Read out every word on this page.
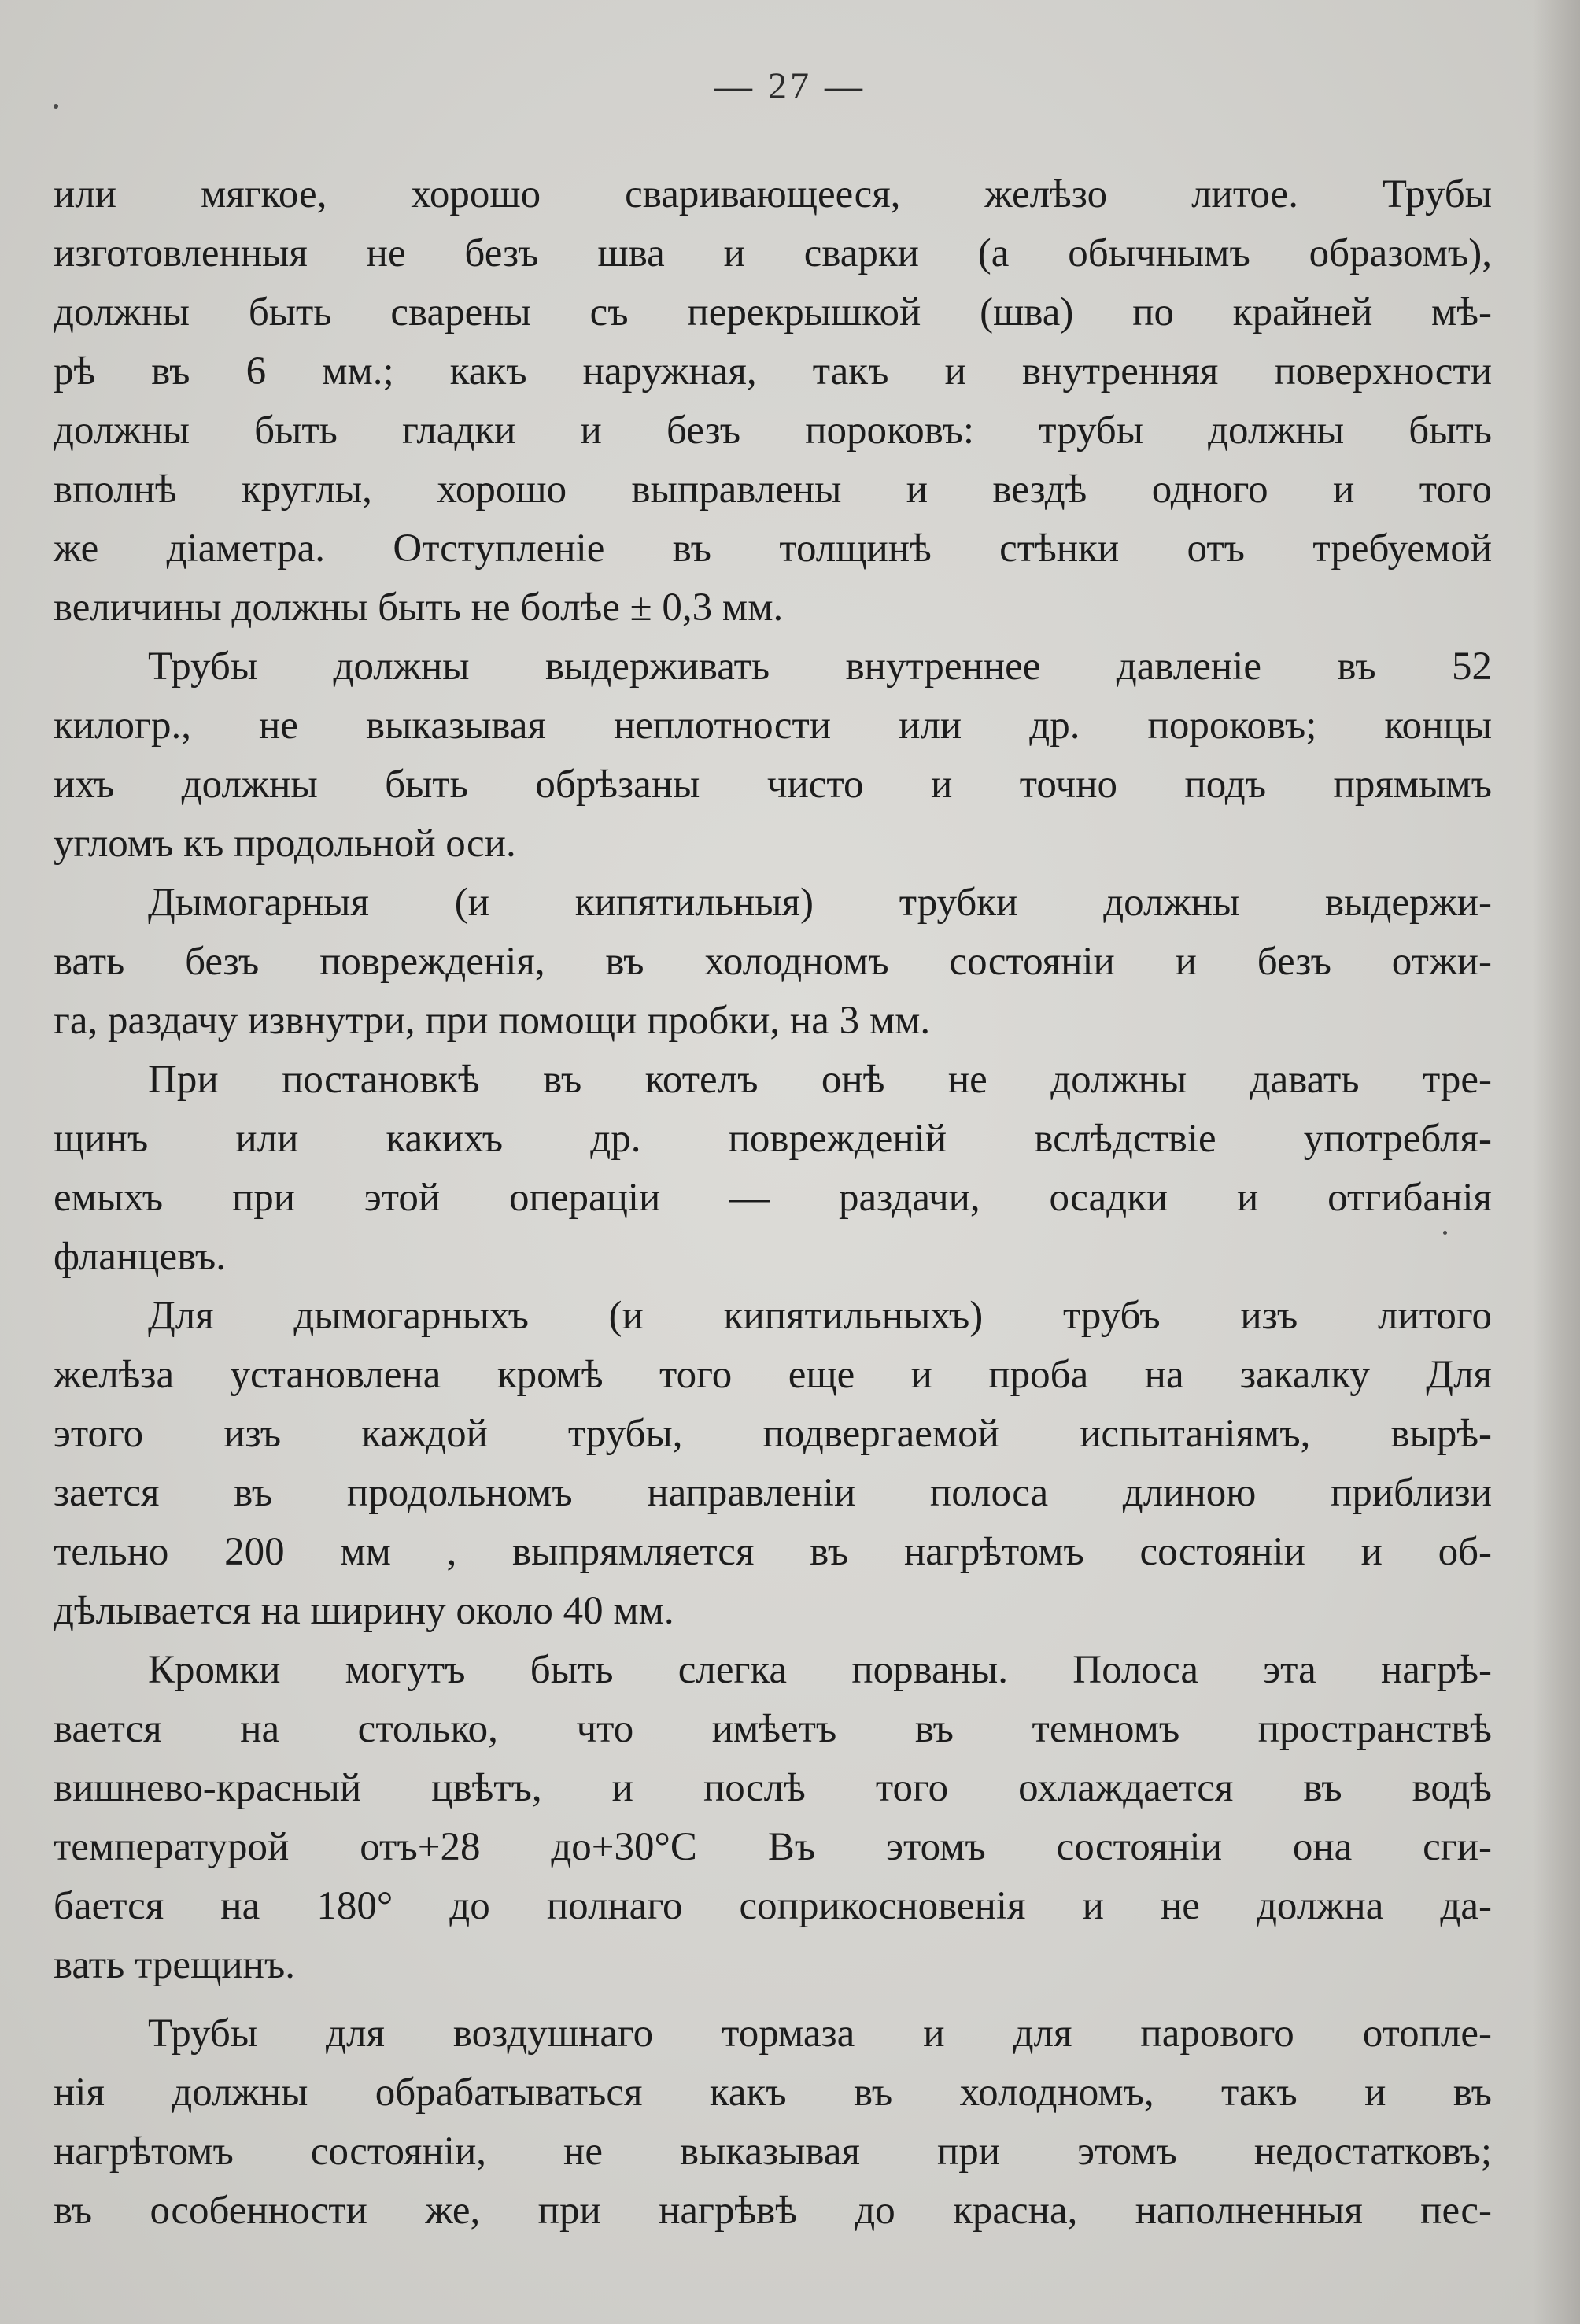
— 27 —
или мягкое, хорошо сваривающееся, желѣзо литое. Трубы
изготовленныя не безъ шва и сварки (а обычнымъ образомъ),
должны быть сварены съ перекрышкой (шва) по крайней мѣ-
рѣ въ 6 мм.; какъ наружная, такъ и внутренняя поверхности
должны быть гладки и безъ пороковъ: трубы должны быть
вполнѣ круглы, хорошо выправлены и вездѣ одного и того
же діаметра. Отступленіе въ толщинѣ стѣнки отъ требуемой
величины должны быть не болѣе ± 0,3 мм.
Трубы должны выдерживать внутреннее давленіе въ 52
килогр., не выказывая неплотности или др. пороковъ; концы
ихъ должны быть обрѣзаны чисто и точно подъ прямымъ
угломъ къ продольной оси.
Дымогарныя (и кипятильныя) трубки должны выдержи-
вать безъ поврежденія, въ холодномъ состояніи и безъ отжи-
га, раздачу извнутри, при помощи пробки, на 3 мм.
При постановкѣ въ котелъ онѣ не должны давать тре-
щинъ или какихъ др. поврежденій вслѣдствіе употребля-
емыхъ при этой операціи — раздачи, осадки и отгибанія
фланцевъ.
Для дымогарныхъ (и кипятильныхъ) трубъ изъ литого
желѣза установлена кромѣ того еще и проба на закалку Для
этого изъ каждой трубы, подвергаемой испытаніямъ, вырѣ-
зается въ продольномъ направленіи полоса длиною приблизи
тельно 200 мм , выпрямляется въ нагрѣтомъ состояніи и об-
дѣлывается на ширину около 40 мм.
Кромки могутъ быть слегка порваны. Полоса эта нагрѣ-
вается на столько, что имѣетъ въ темномъ пространствѣ
вишнево-красный цвѣтъ, и послѣ того охлаждается въ водѣ
температурой отъ+28 до+30°С Въ этомъ состояніи она сги-
бается на 180° до полнаго соприкосновенія и не должна да-
вать трещинъ.
Трубы для воздушнаго тормаза и для парового отопле-
нія должны обрабатываться какъ въ холодномъ, такъ и въ
нагрѣтомъ состояніи, не выказывая при этомъ недостатковъ;
въ особенности же, при нагрѣвѣ до красна, наполненныя пес-
